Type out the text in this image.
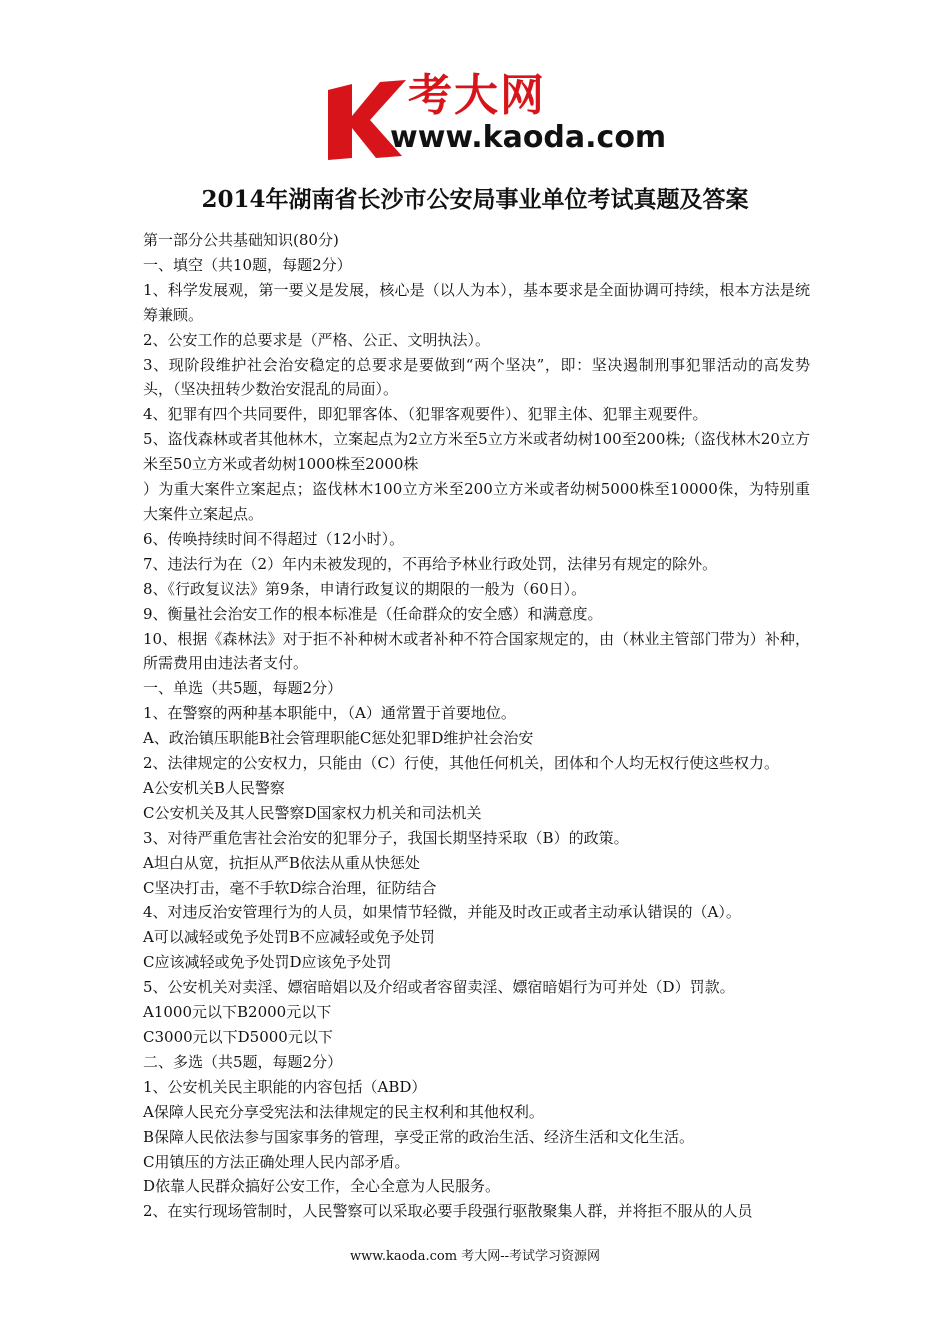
考大网
www.kaoda.com
2014年湖南省长沙市公安局事业单位考试真题及答案

第一部分公共基础知识(80分)

一、填空（共10题，每题2分）

1、科学发展观，第一要义是发展，核心是（以人为本），基本要求是全面协调可持续，根本方法是统筹兼顾。

2、公安工作的总要求是（严格、公正、文明执法）。

3、现阶段维护社会治安稳定的总要求是要做到“两个坚决”，即：坚决遏制刑事犯罪活动的高发势头，（坚决扭转少数治安混乱的局面）。

4、犯罪有四个共同要件，即犯罪客体、（犯罪客观要件）、犯罪主体、犯罪主观要件。

5、盗伐森林或者其他林木，立案起点为2立方米至5立方米或者幼树100至200株;（盗伐林木20立方米至50立方米或者幼树1000株至2000株

）为重大案件立案起点；盗伐林木100立方米至200立方米或者幼树5000株至10000侏，为特别重大案件立案起点。

6、传唤持续时间不得超过（12小时）。

7、违法行为在（2）年内未被发现的，不再给予林业行政处罚，法律另有规定的除外。

8、《行政复议法》第9条，申请行政复议的期限的一般为（60日）。

9、衡量社会治安工作的根本标准是（任命群众的安全感）和满意度。

10、根据《森林法》对于拒不补种树木或者补种不符合国家规定的，由（林业主管部门带为）补种，所需费用由违法者支付。

一、单选（共5题，每题2分）

1、在警察的两种基本职能中，（A）通常置于首要地位。

A、政治镇压职能B社会管理职能C惩处犯罪D维护社会治安

2、法律规定的公安权力，只能由（C）行使，其他任何机关，团体和个人均无权行使这些权力。

A公安机关B人民警察

C公安机关及其人民警察D国家权力机关和司法机关

3、对待严重危害社会治安的犯罪分子，我国长期坚持采取（B）的政策。

A坦白从宽，抗拒从严B依法从重从快惩处

C坚决打击，毫不手软D综合治理，征防结合

4、对违反治安管理行为的人员，如果情节轻微，并能及时改正或者主动承认错误的（A）。

A可以减轻或免予处罚B不应减轻或免予处罚

C应该减轻或免予处罚D应该免予处罚

5、公安机关对卖淫、嫖宿暗娼以及介绍或者容留卖淫、嫖宿暗娼行为可并处（D）罚款。

A1000元以下B2000元以下

C3000元以下D5000元以下

二、多选（共5题，每题2分）

1、公安机关民主职能的内容包括（ABD）

A保障人民充分享受宪法和法律规定的民主权利和其他权利。

B保障人民依法参与国家事务的管理，享受正常的政治生活、经济生活和文化生活。

C用镇压的方法正确处理人民内部矛盾。

D依靠人民群众搞好公安工作，全心全意为人民服务。

2、在实行现场管制时，人民警察可以采取必要手段强行驱散聚集人群，并将拒不服从的人员

www.kaoda.com 考大网--考试学习资源网
